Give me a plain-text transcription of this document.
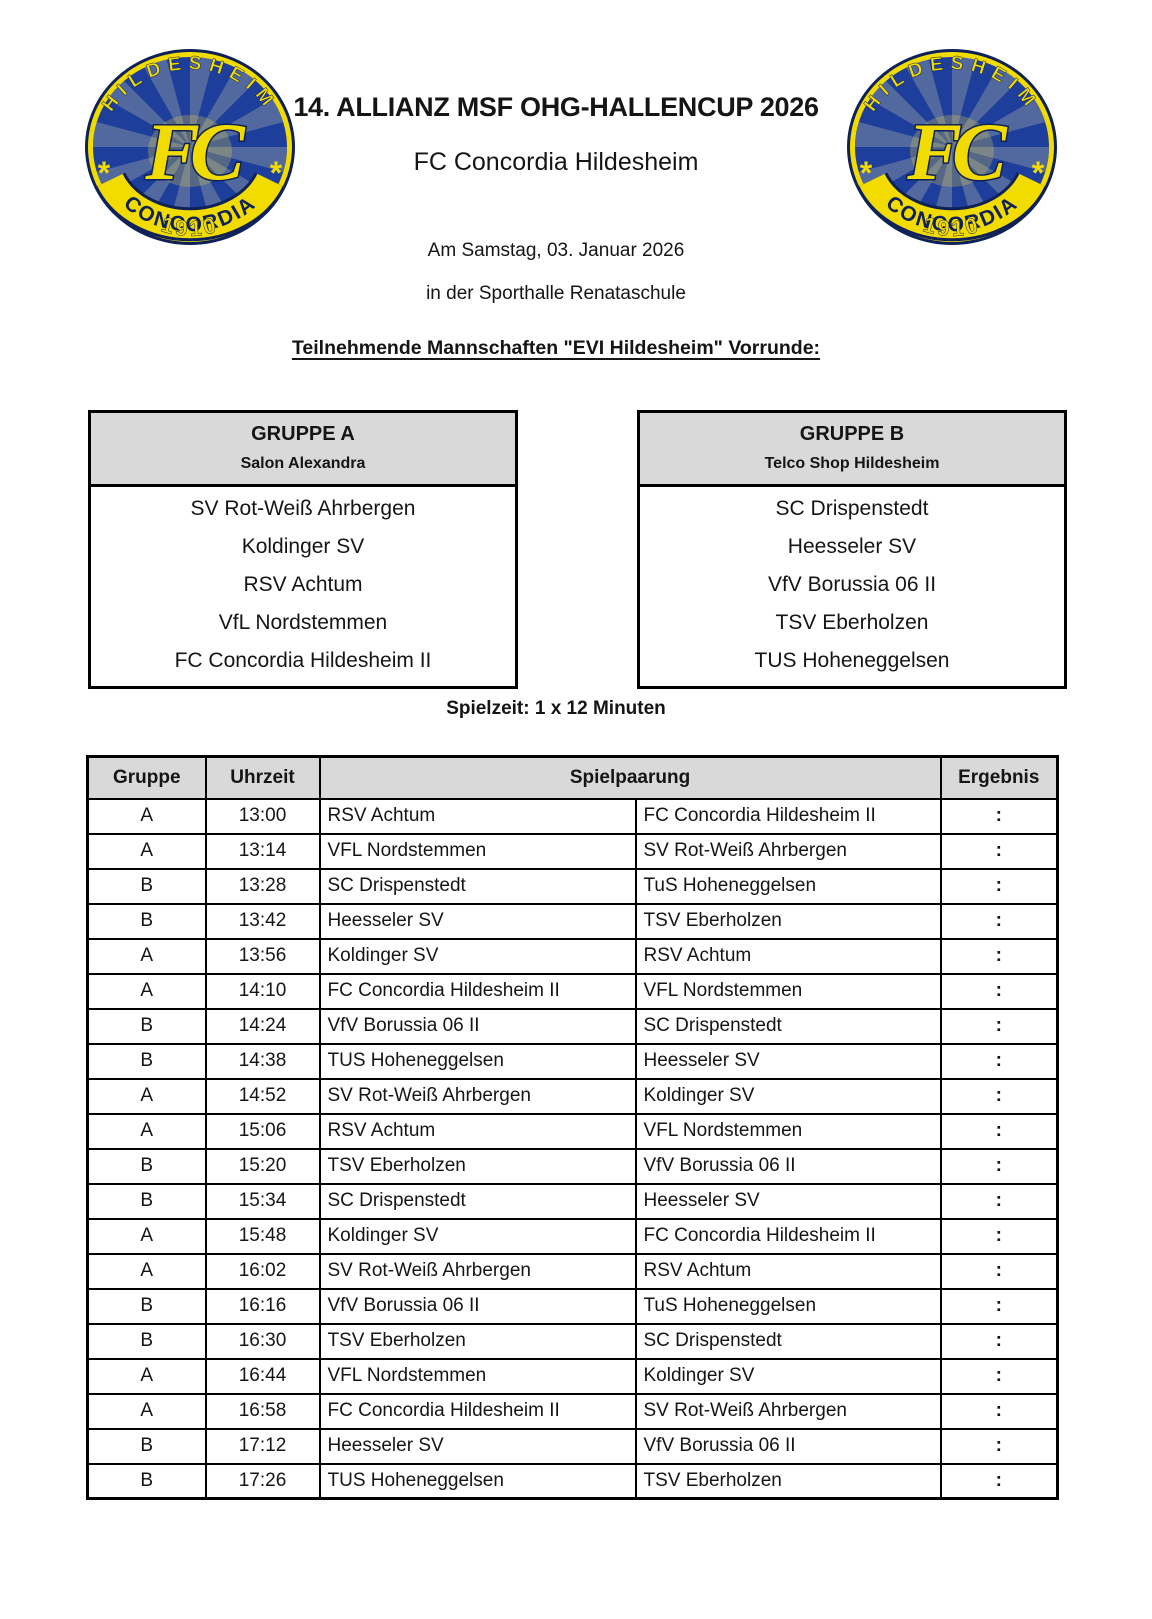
14. ALLIANZ MSF OHG-HALLENCUP 2026
FC Concordia Hildesheim
Am Samstag, 03. Januar 2026
in der Sporthalle Renataschule
Teilnehmende Mannschaften "EVI Hildesheim" Vorrunde:
GRUPPE A
Salon Alexandra
SV Rot-Weiß Ahrbergen
Koldinger SV
RSV Achtum
VfL Nordstemmen
FC Concordia Hildesheim II
GRUPPE B
Telco Shop Hildesheim
SC Drispenstedt
Heesseler SV
VfV Borussia 06 II
TSV Eberholzen
TUS Hoheneggelsen
Spielzeit: 1 x 12 Minuten
Gruppe	Uhrzeit	Spielpaarung		Ergebnis
A	13:00	RSV Achtum	FC Concordia Hildesheim II	:
A	13:14	VFL Nordstemmen	SV Rot-Weiß Ahrbergen	:
B	13:28	SC Drispenstedt	TuS Hoheneggelsen	:
B	13:42	Heesseler SV	TSV Eberholzen	:
A	13:56	Koldinger SV	RSV Achtum	:
A	14:10	FC Concordia Hildesheim II	VFL Nordstemmen	:
B	14:24	VfV Borussia 06 II	SC Drispenstedt	:
B	14:38	TUS Hoheneggelsen	Heesseler SV	:
A	14:52	SV Rot-Weiß Ahrbergen	Koldinger SV	:
A	15:06	RSV Achtum	VFL Nordstemmen	:
B	15:20	TSV Eberholzen	VfV Borussia 06 II	:
B	15:34	SC Drispenstedt	Heesseler SV	:
A	15:48	Koldinger SV	FC Concordia Hildesheim II	:
A	16:02	SV Rot-Weiß Ahrbergen	RSV Achtum	:
B	16:16	VfV Borussia 06 II	TuS Hoheneggelsen	:
B	16:30	TSV Eberholzen	SC Drispenstedt	:
A	16:44	VFL Nordstemmen	Koldinger SV	:
A	16:58	FC Concordia Hildesheim II	SV Rot-Weiß Ahrbergen	:
B	17:12	Heesseler SV	VfV Borussia 06 II	:
B	17:26	TUS Hoheneggelsen	TSV Eberholzen	:
